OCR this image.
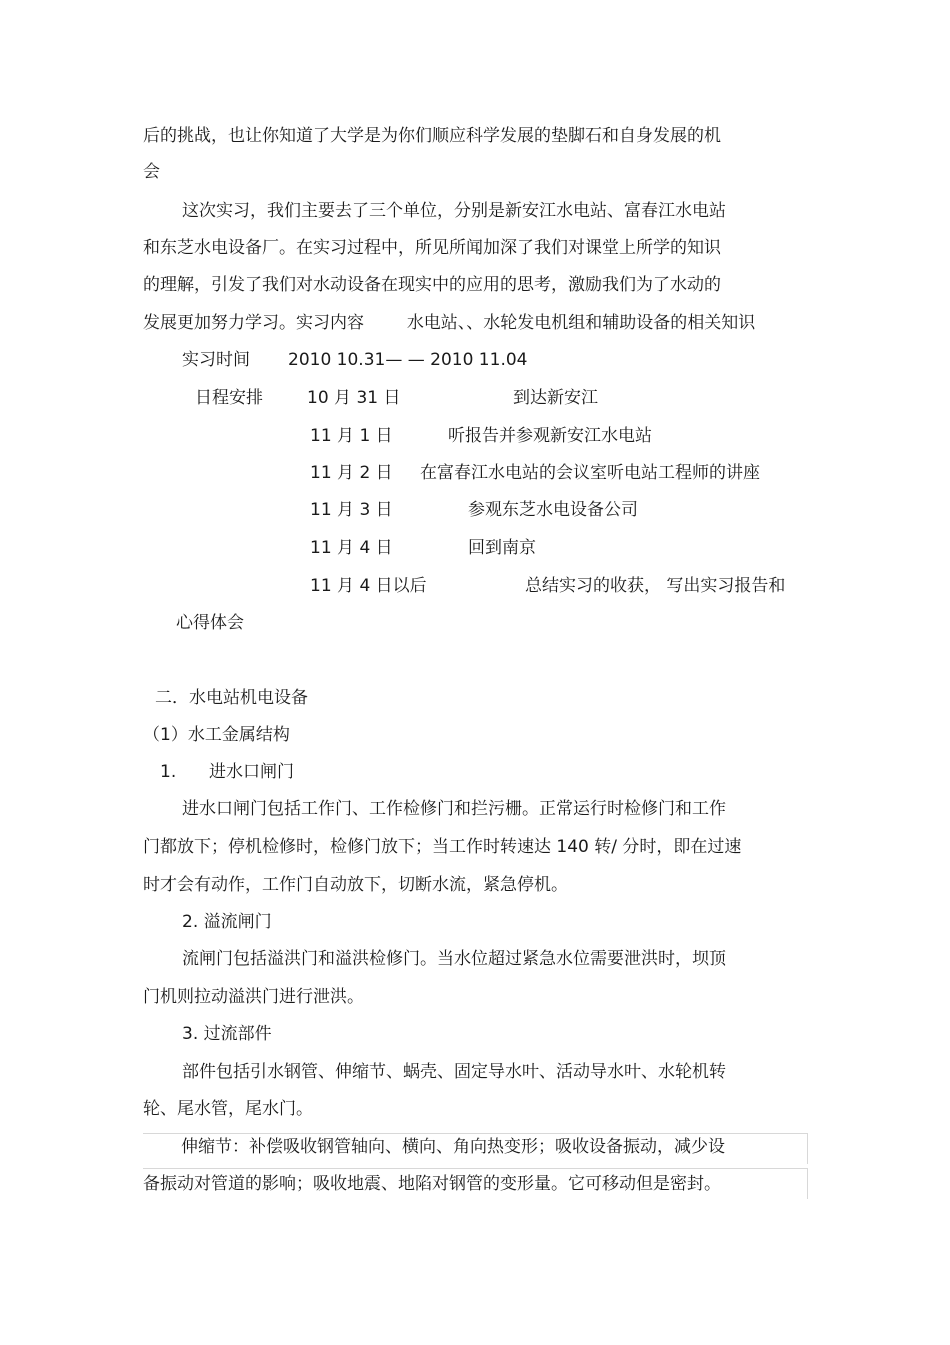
后的挑战，也让你知道了大学是为你们顺应科学发展的垫脚石和自身发展的机
会
这次实习，我们主要去了三个单位，分别是新安江水电站、富春江水电站
和东芝水电设备厂。在实习过程中，所见所闻加深了我们对课堂上所学的知识
的理解，引发了我们对水动设备在现实中的应用的思考，激励我们为了水动的
发展更加努力学习。实习内容	水电站、、水轮发电机组和辅助设备的相关知识
实习时间 2010 10.31— — 2010 11.04
日程安排	10 月 31 日	到达新安江
11 月 1 日	听报告并参观新安江水电站
11 月 2 日 在富春江水电站的会议室听电站工程师的讲座
11 月 3 日	参观东芝水电设备公司
11 月 4 日	回到南京
11 月 4 日以后	总结实习的收获， 写出实习报告和
心得体会
二．水电站机电设备
（1）水工金属结构
1. 进水口闸门
进水口闸门包括工作门、工作检修门和拦污栅。正常运行时检修门和工作
门都放下；停机检修时，检修门放下；当工作时转速达 140 转/ 分时，即在过速
时才会有动作，工作门自动放下，切断水流，紧急停机。
2. 溢流闸门
流闸门包括溢洪门和溢洪检修门。当水位超过紧急水位需要泄洪时，坝顶
门机则拉动溢洪门进行泄洪。
3. 过流部件
部件包括引水钢管、伸缩节、蜗壳、固定导水叶、活动导水叶、水轮机转
轮、尾水管，尾水门。
伸缩节：补偿吸收钢管轴向、横向、角向热变形；吸收设备振动，减少设
备振动对管道的影响；吸收地震、地陷对钢管的变形量。它可移动但是密封。
